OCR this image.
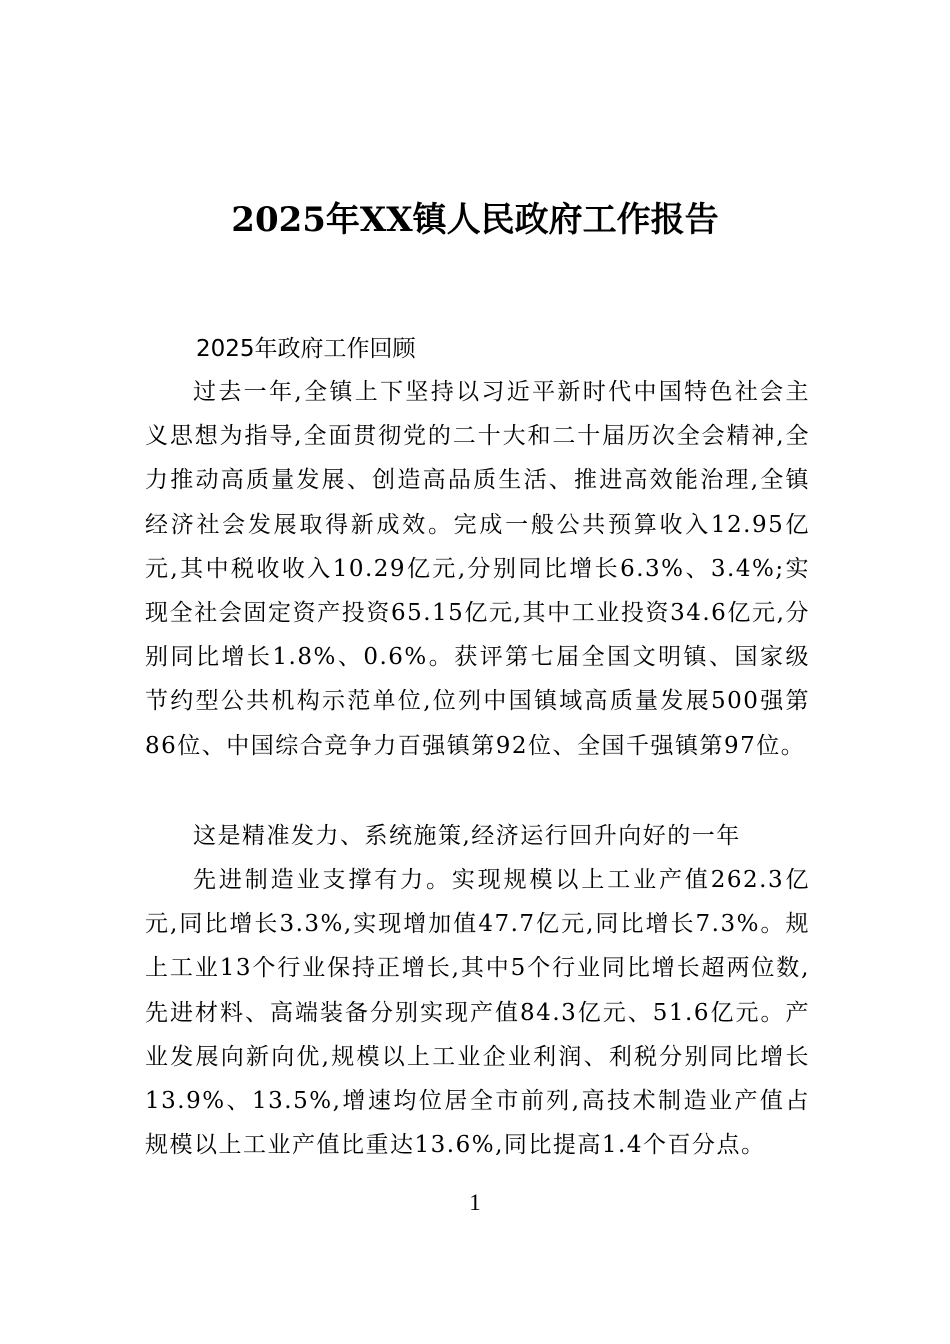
2025年XX镇人民政府工作报告
2025年政府工作回顾

过去一年,全镇上下坚持以习近平新时代中国特色社会主义思想为指导,全面贯彻党的二十大和二十届历次全会精神,全力推动高质量发展、创造高品质生活、推进高效能治理,全镇经济社会发展取得新成效。完成一般公共预算收入12.95亿元,其中税收收入10.29亿元,分别同比增长6.3%、3.4%;实现全社会固定资产投资65.15亿元,其中工业投资34.6亿元,分别同比增长1.8%、0.6%。获评第七届全国文明镇、国家级节约型公共机构示范单位,位列中国镇域高质量发展500强第86位、中国综合竞争力百强镇第92位、全国千强镇第97位。

这是精准发力、系统施策,经济运行回升向好的一年

先进制造业支撑有力。实现规模以上工业产值262.3亿元,同比增长3.3%,实现增加值47.7亿元,同比增长7.3%。规上工业13个行业保持正增长,其中5个行业同比增长超两位数,先进材料、高端装备分别实现产值84.3亿元、51.6亿元。产业发展向新向优,规模以上工业企业利润、利税分别同比增长13.9%、13.5%,增速均位居全市前列,高技术制造业产值占规模以上工业产值比重达13.6%,同比提高1.4个百分点。

1
